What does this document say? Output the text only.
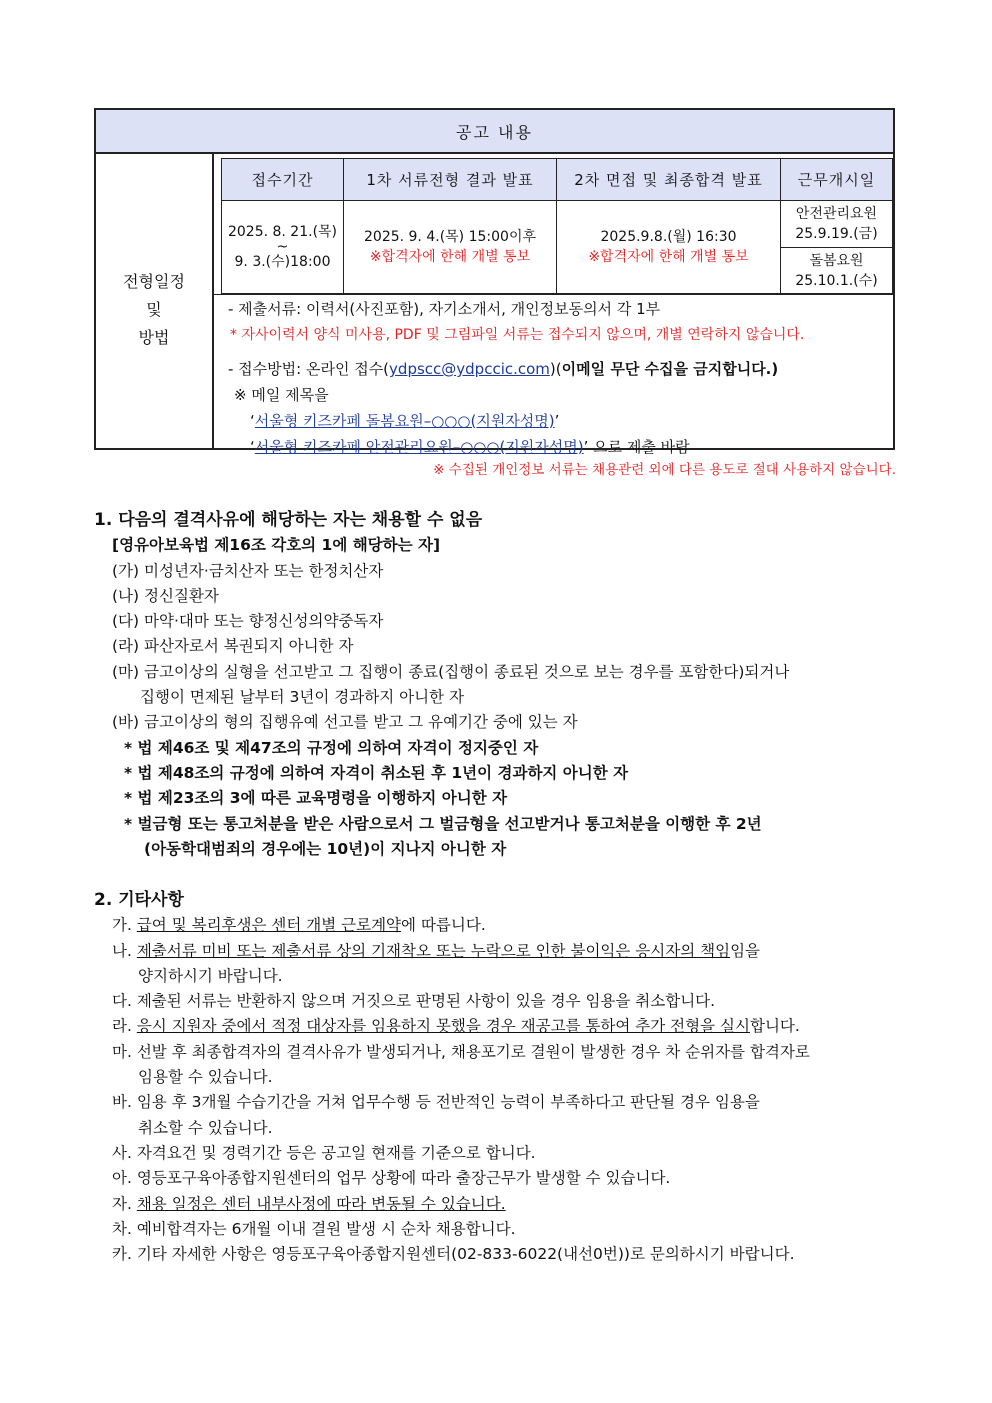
공고 내용
전형일정
및
방법
접수기간
2025. 8. 21.(목)
~
9. 3.(수)18:00
1차 서류전형 결과 발표
2025. 9. 4.(목) 15:00이후
※합격자에 한해 개별 통보
2차 면접 및 최종합격 발표
2025.9.8.(월) 16:30
※합격자에 한해 개별 통보
근무개시일
안전관리요원
25.9.19.(금)
돌봄요원
25.10.1.(수)
- 제출서류: 이력서(사진포함), 자기소개서, 개인정보동의서 각 1부
* 자사이력서 양식 미사용, PDF 및 그림파일 서류는 접수되지 않으며, 개별 연락하지 않습니다.
- 접수방법: 온라인 접수(ydpscc@ydpccic.com)(이메일 무단 수집을 금지합니다.)
※ 메일 제목을
‘서울형 키즈카페 돌봄요원–○○○(지원자성명)’
‘서울형 키즈카페 안전관리요원–○○○(지원자성명)’ 으로 제출 바람
※ 수집된 개인정보 서류는 채용관련 외에 다른 용도로 절대 사용하지 않습니다.
1. 다음의 결격사유에 해당하는 자는 채용할 수 없음
[영유아보육법 제16조 각호의 1에 해당하는 자]
(가) 미성년자·금치산자 또는 한정치산자
(나) 정신질환자
(다) 마약·대마 또는 향정신성의약중독자
(라) 파산자로서 복권되지 아니한 자
(마) 금고이상의 실형을 선고받고 그 집행이 종료(집행이 종료된 것으로 보는 경우를 포함한다)되거나
집행이 면제된 날부터 3년이 경과하지 아니한 자
(바) 금고이상의 형의 집행유예 선고를 받고 그 유예기간 중에 있는 자
* 법 제46조 및 제47조의 규정에 의하여 자격이 정지중인 자
* 법 제48조의 규정에 의하여 자격이 취소된 후 1년이 경과하지 아니한 자
* 법 제23조의 3에 따른 교육명령을 이행하지 아니한 자
* 벌금형 또는 통고처분을 받은 사람으로서 그 벌금형을 선고받거나 통고처분을 이행한 후 2년
(아동학대범죄의 경우에는 10년)이 지나지 아니한 자
2. 기타사항
가. 급여 및 복리후생은 센터 개별 근로계약에 따릅니다.
나. 제출서류 미비 또는 제출서류 상의 기재착오 또는 누락으로 인한 불이익은 응시자의 책임임을
양지하시기 바랍니다.
다. 제출된 서류는 반환하지 않으며 거짓으로 판명된 사항이 있을 경우 임용을 취소합니다.
라. 응시 지원자 중에서 적정 대상자를 임용하지 못했을 경우 재공고를 통하여 추가 전형을 실시합니다.
마. 선발 후 최종합격자의 결격사유가 발생되거나, 채용포기로 결원이 발생한 경우 차 순위자를 합격자로
임용할 수 있습니다.
바. 임용 후 3개월 수습기간을 거쳐 업무수행 등 전반적인 능력이 부족하다고 판단될 경우 임용을
취소할 수 있습니다.
사. 자격요건 및 경력기간 등은 공고일 현재를 기준으로 합니다.
아. 영등포구육아종합지원센터의 업무 상황에 따라 출장근무가 발생할 수 있습니다.
자. 채용 일정은 센터 내부사정에 따라 변동될 수 있습니다.
차. 예비합격자는 6개월 이내 결원 발생 시 순차 채용합니다.
카. 기타 자세한 사항은 영등포구육아종합지원센터(02-833-6022(내선0번))로 문의하시기 바랍니다.
